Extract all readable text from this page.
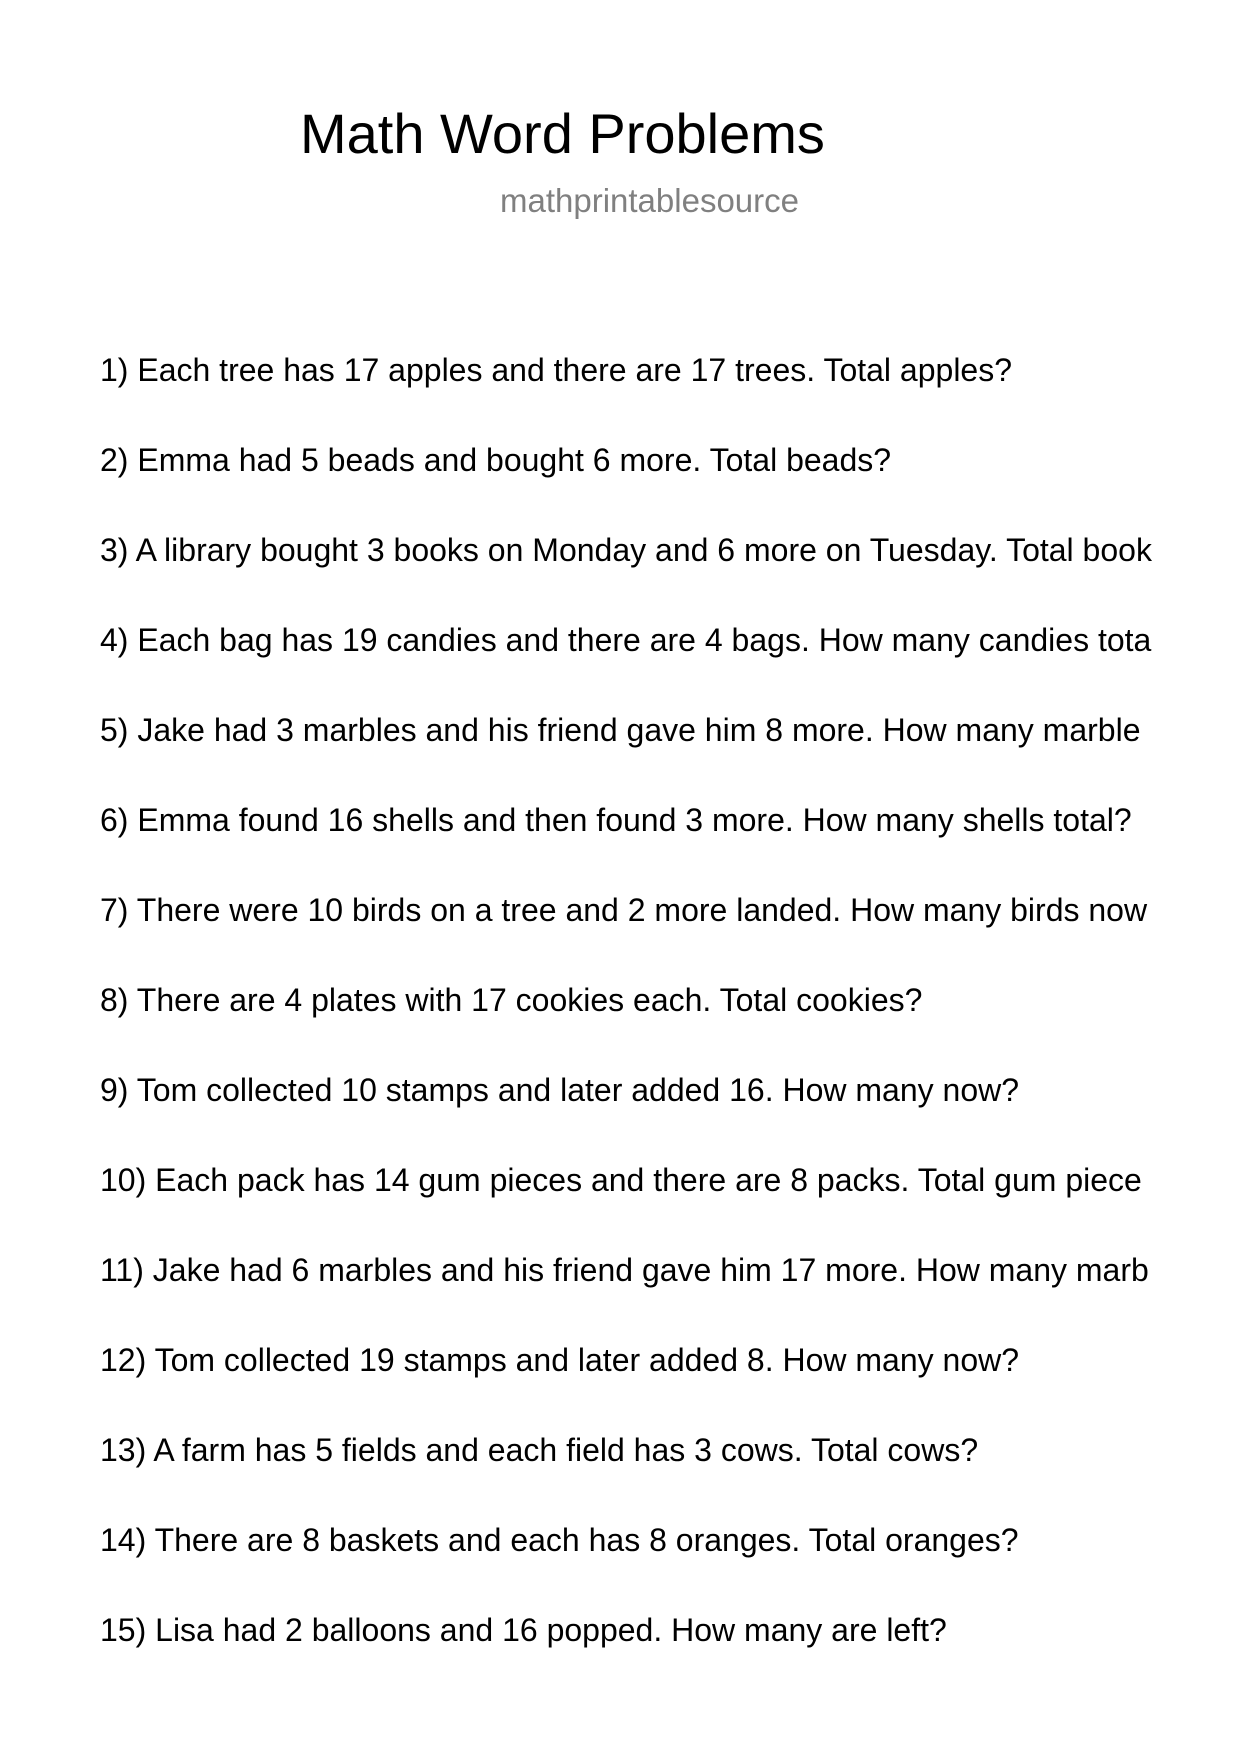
Math Word Problems
mathprintablesource
1) Each tree has 17 apples and there are 17 trees. Total apples?
2) Emma had 5 beads and bought 6 more. Total beads?
3) A library bought 3 books on Monday and 6 more on Tuesday. Total book
4) Each bag has 19 candies and there are 4 bags. How many candies tota
5) Jake had 3 marbles and his friend gave him 8 more. How many marble
6) Emma found 16 shells and then found 3 more. How many shells total?
7) There were 10 birds on a tree and 2 more landed. How many birds now
8) There are 4 plates with 17 cookies each. Total cookies?
9) Tom collected 10 stamps and later added 16. How many now?
10) Each pack has 14 gum pieces and there are 8 packs. Total gum piece
11) Jake had 6 marbles and his friend gave him 17 more. How many marb
12) Tom collected 19 stamps and later added 8. How many now?
13) A farm has 5 fields and each field has 3 cows. Total cows?
14) There are 8 baskets and each has 8 oranges. Total oranges?
15) Lisa had 2 balloons and 16 popped. How many are left?
